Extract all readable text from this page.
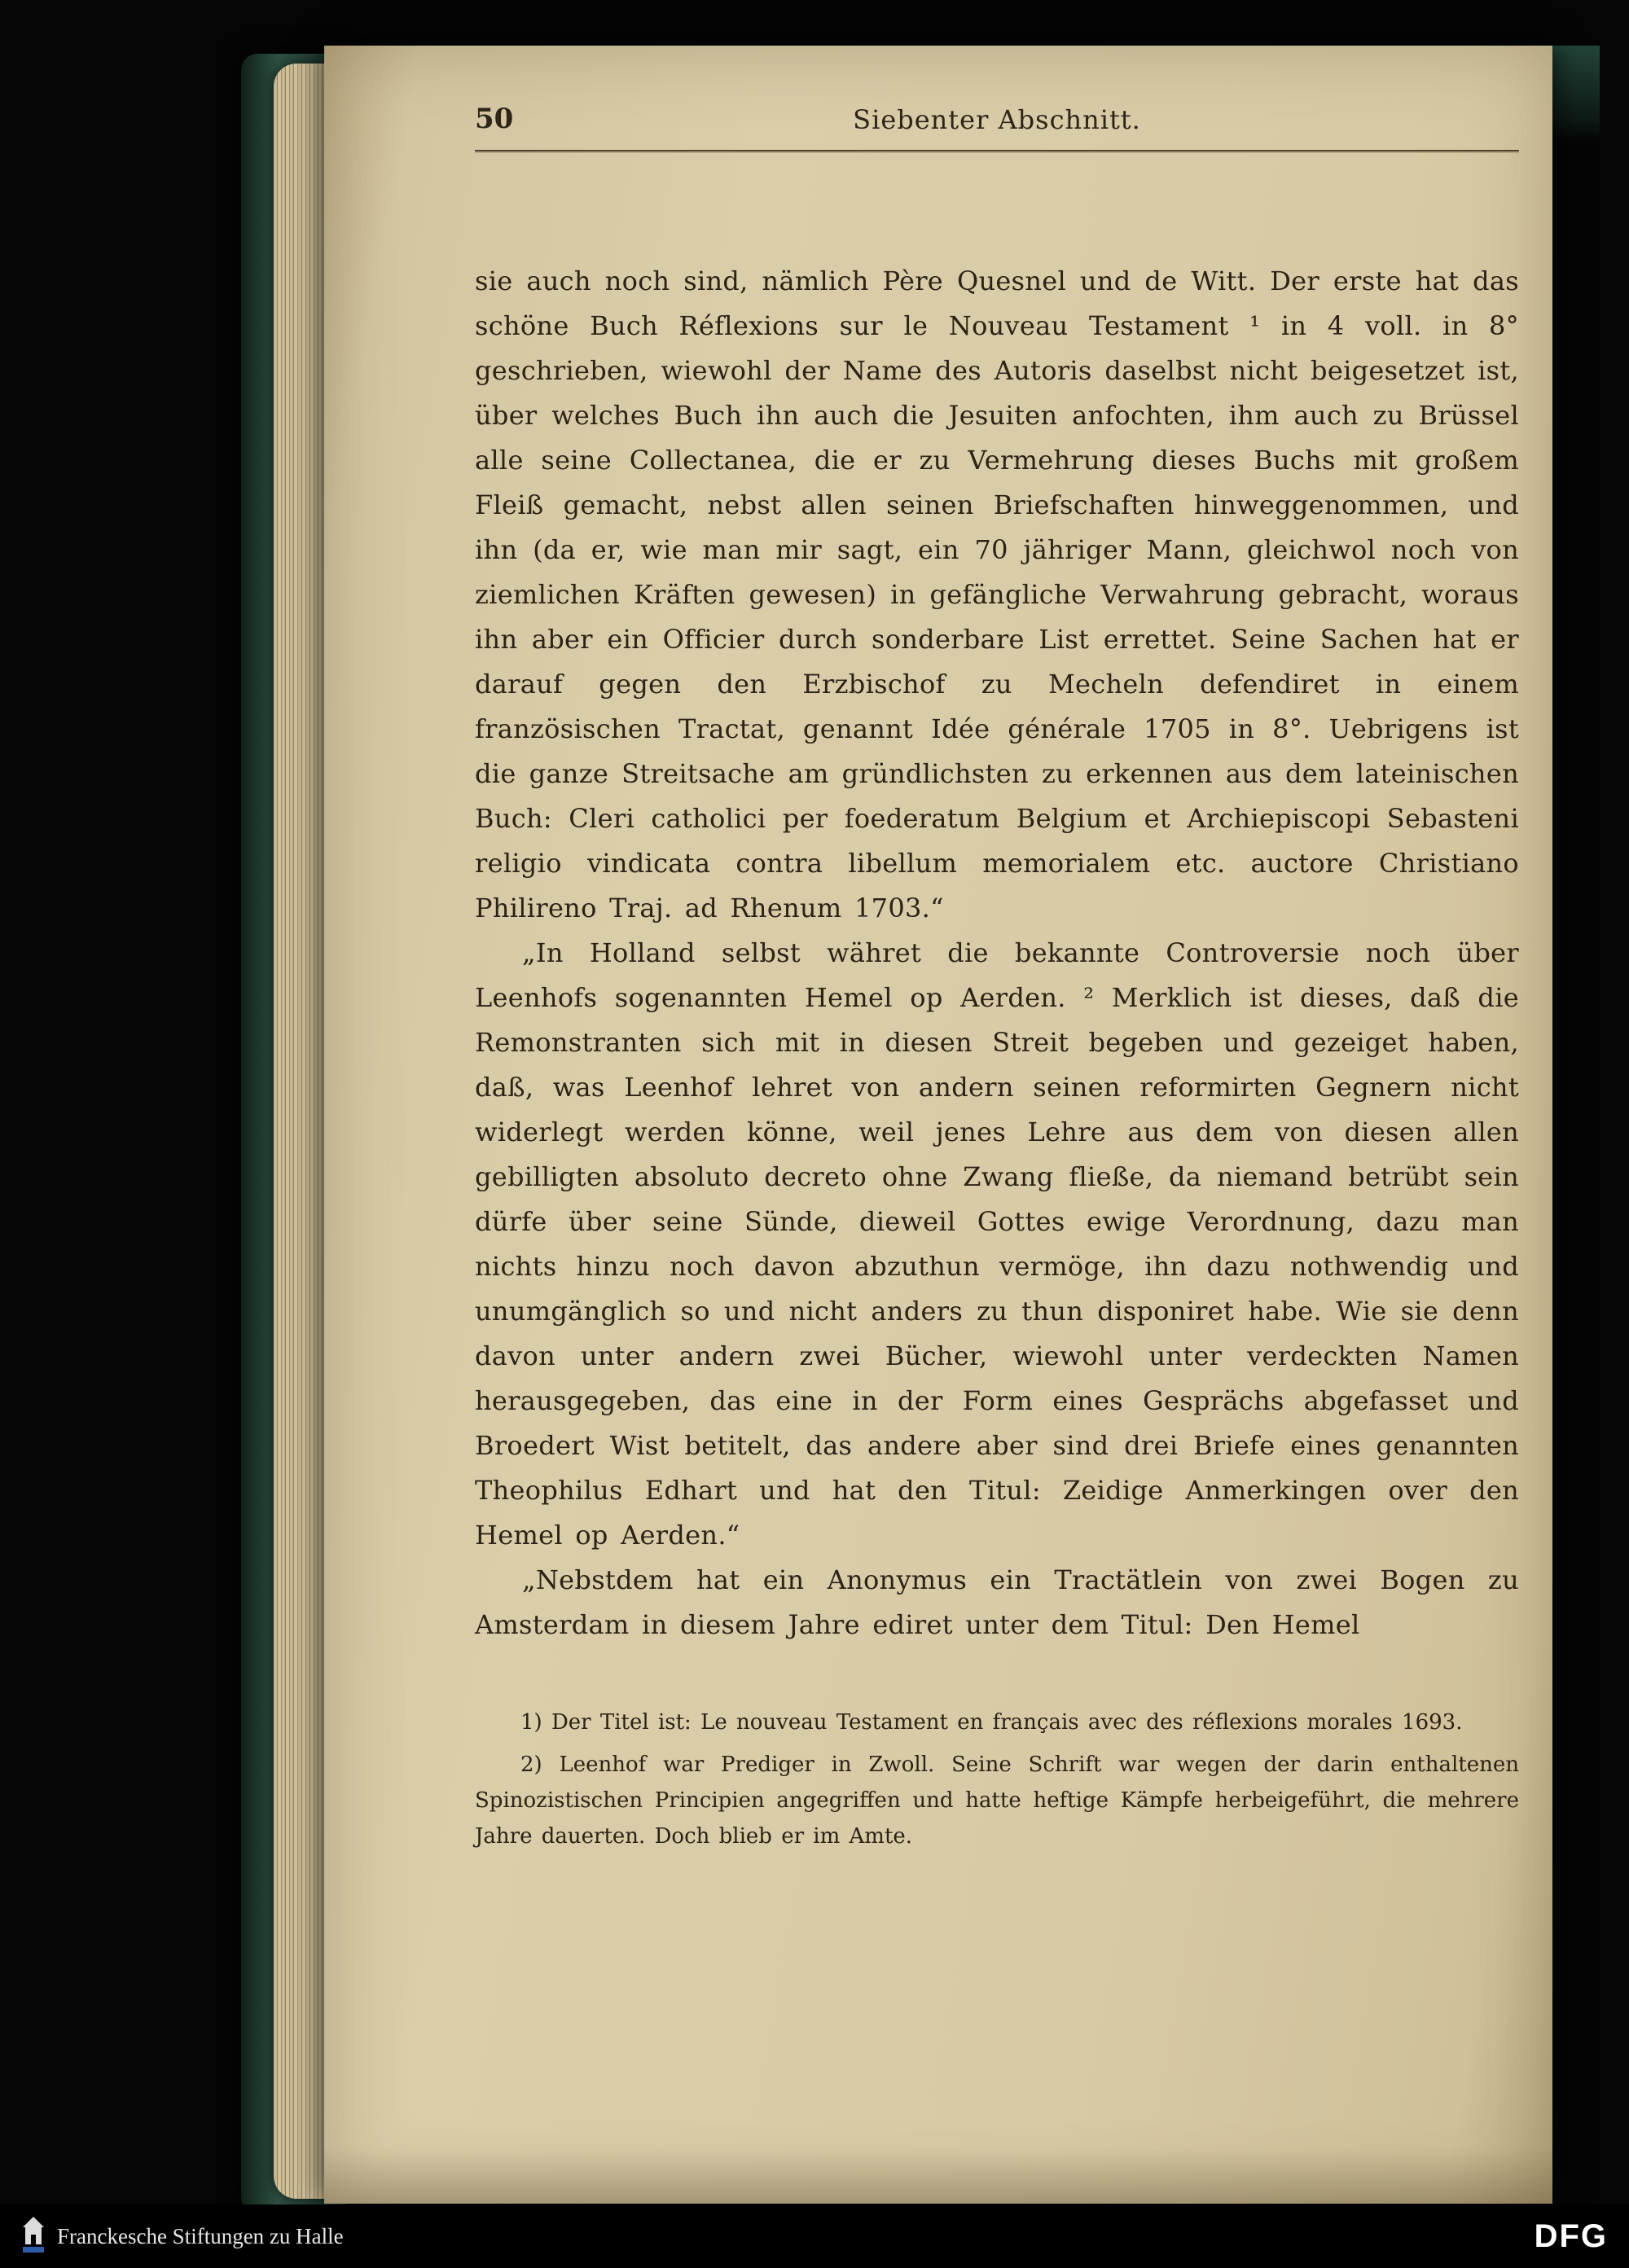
50	Siebenter Abschnitt.

sie auch noch sind, nämlich Père Quesnel und de Witt. Der erste hat das schöne Buch Réflexions sur le Nouveau Testament ¹ in 4 voll. in 8° geschrieben, wiewohl der Name des Autoris daselbst nicht beigesetzet ist, über welches Buch ihn auch die Jesuiten anfochten, ihm auch zu Brüssel alle seine Collectanea, die er zu Vermehrung dieses Buchs mit großem Fleiß gemacht, nebst allen seinen Briefschaften hinweggenommen, und ihn (da er, wie man mir sagt, ein 70 jähriger Mann, gleichwol noch von ziemlichen Kräften gewesen) in gefängliche Verwahrung gebracht, woraus ihn aber ein Officier durch sonderbare List errettet. Seine Sachen hat er darauf gegen den Erzbischof zu Mecheln defendiret in einem französischen Tractat, genannt Idée générale 1705 in 8°. Uebrigens ist die ganze Streitsache am gründlichsten zu erkennen aus dem lateinischen Buch: Cleri catholici per foederatum Belgium et Archiepiscopi Sebasteni religio vindicata contra libellum memorialem etc. auctore Christiano Philireno Traj. ad Rhenum 1703.“

„In Holland selbst währet die bekannte Controversie noch über Leenhofs sogenannten Hemel op Aerden. ² Merklich ist dieses, daß die Remonstranten sich mit in diesen Streit begeben und gezeiget haben, daß, was Leenhof lehret von andern seinen reformirten Gegnern nicht widerlegt werden könne, weil jenes Lehre aus dem von diesen allen gebilligten absoluto decreto ohne Zwang fließe, da niemand betrübt sein dürfe über seine Sünde, dieweil Gottes ewige Verordnung, dazu man nichts hinzu noch davon abzuthun vermöge, ihn dazu nothwendig und unumgänglich so und nicht anders zu thun disponiret habe. Wie sie denn davon unter andern zwei Bücher, wiewohl unter verdeckten Namen herausgegeben, das eine in der Form eines Gesprächs abgefasset und Broedert Wist betitelt, das andere aber sind drei Briefe eines genannten Theophilus Edhart und hat den Titul: Zeidige Anmerkingen over den Hemel op Aerden.“

„Nebstdem hat ein Anonymus ein Tractätlein von zwei Bogen zu Amsterdam in diesem Jahre ediret unter dem Titul: Den Hemel

1) Der Titel ist: Le nouveau Testament en français avec des réflexions morales 1693.

2) Leenhof war Prediger in Zwoll. Seine Schrift war wegen der darin enthaltenen Spinozistischen Principien angegriffen und hatte heftige Kämpfe herbeigeführt, die mehrere Jahre dauerten. Doch blieb er im Amte.

Franckesche Stiftungen zu Halle	DFG
